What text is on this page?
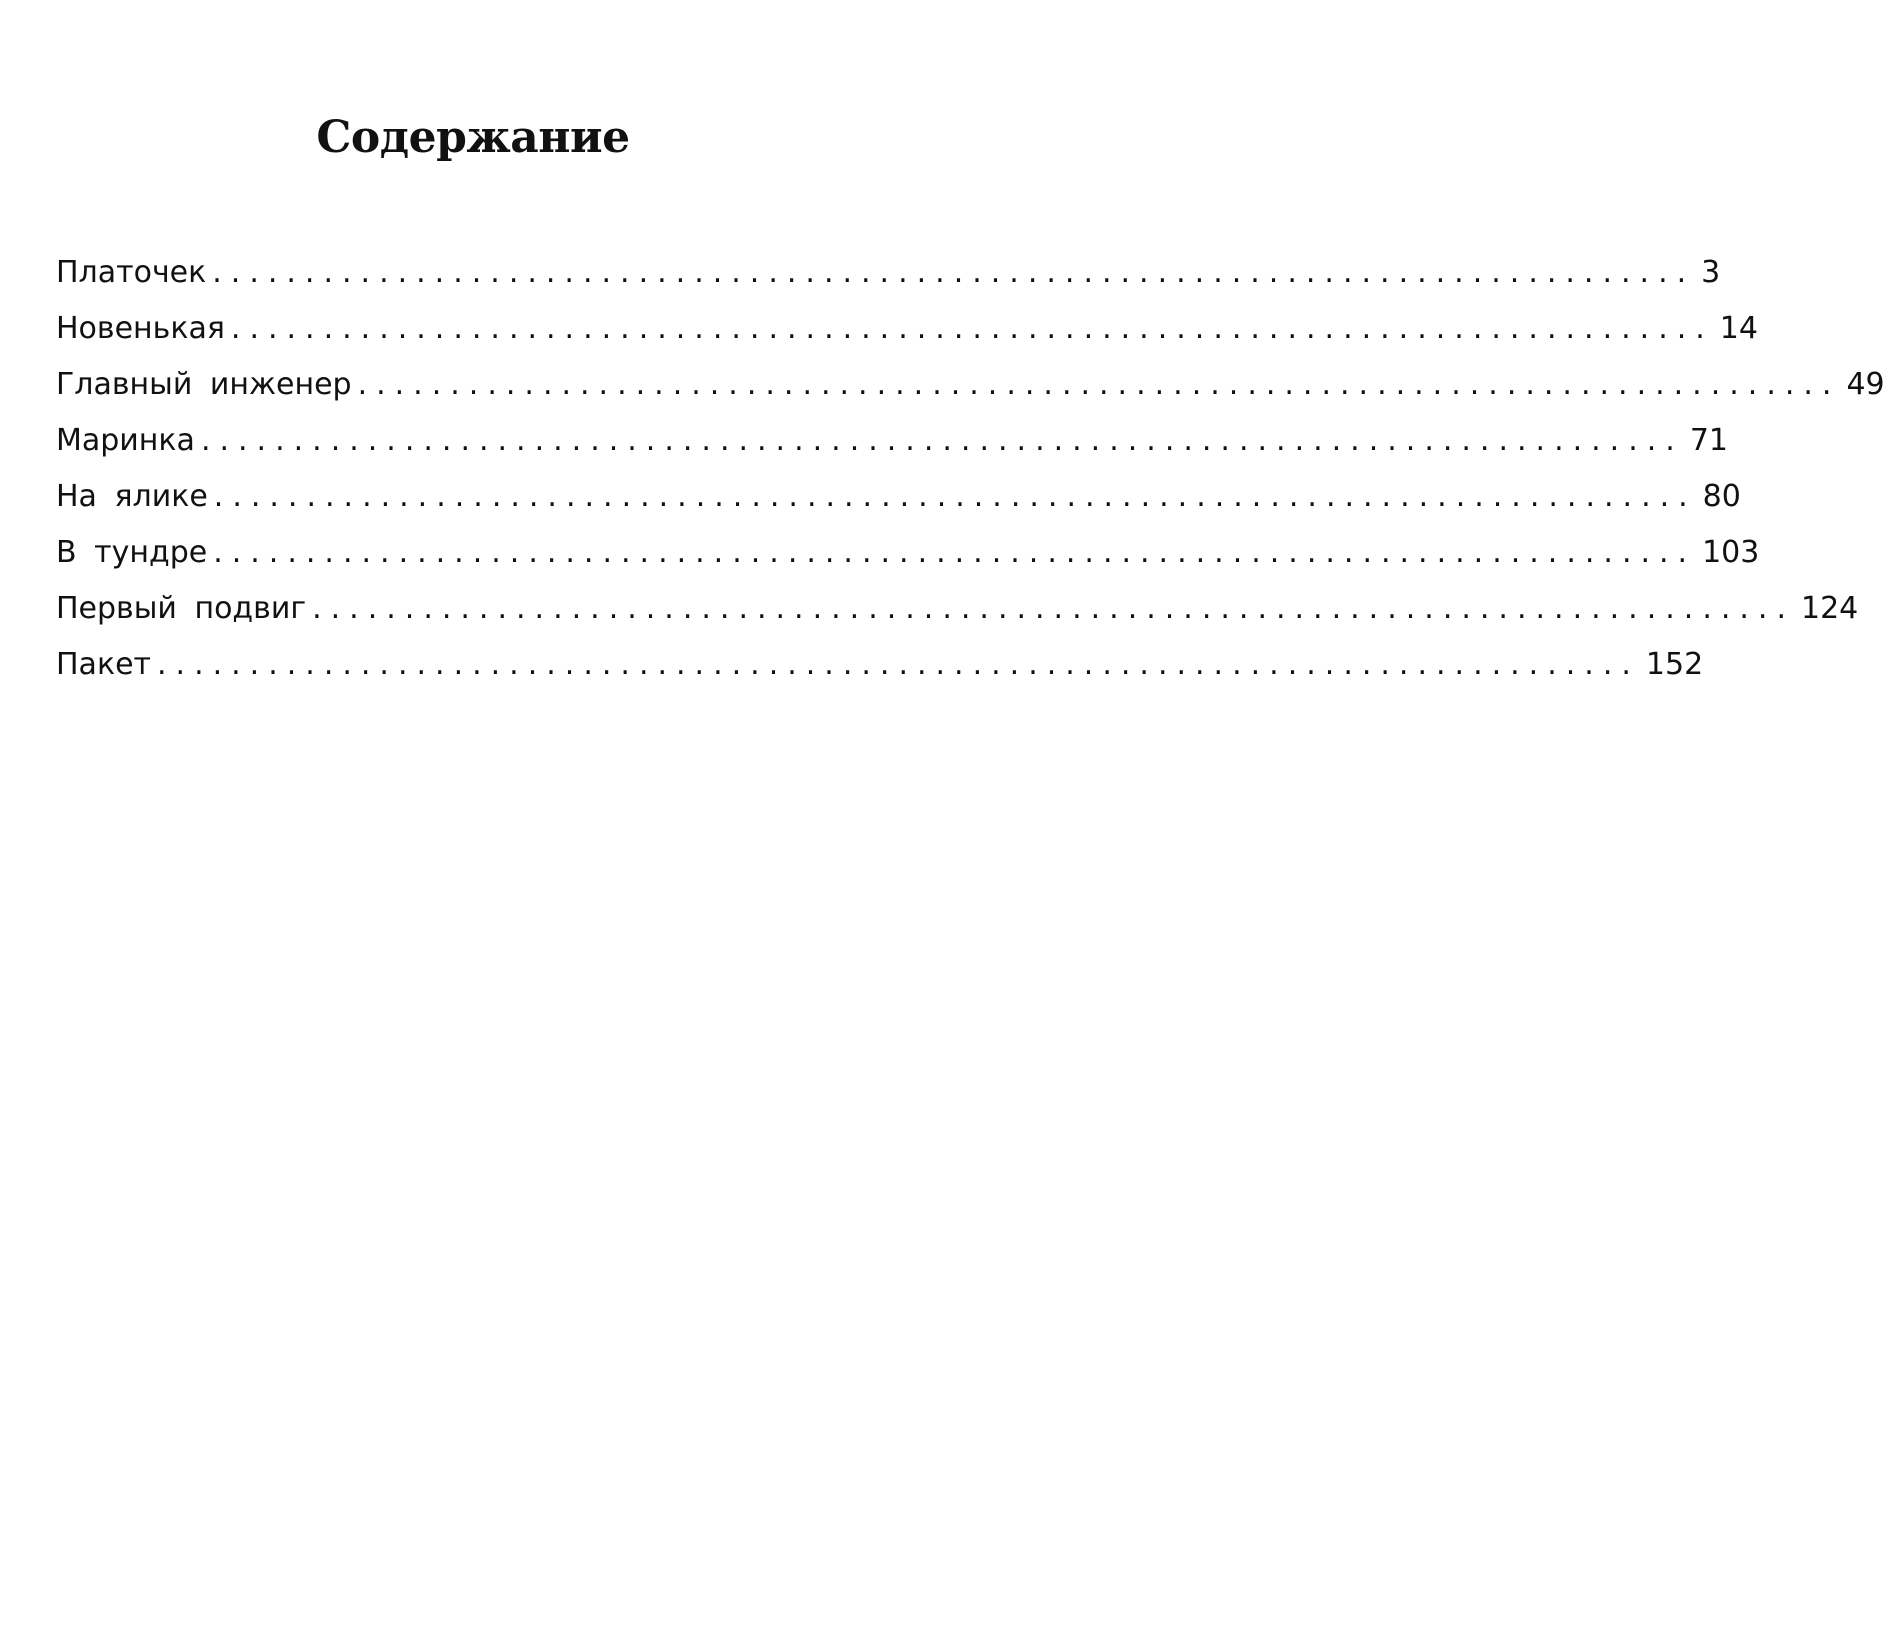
Содержание
Платочек ................................................................................ 3
Новенькая ................................................................................ 14
Главный инженер ................................................................................ 49
Маринка ................................................................................ 71
На ялике ................................................................................ 80
В тундре ................................................................................ 103
Первый подвиг ................................................................................ 124
Пакет ................................................................................ 152
